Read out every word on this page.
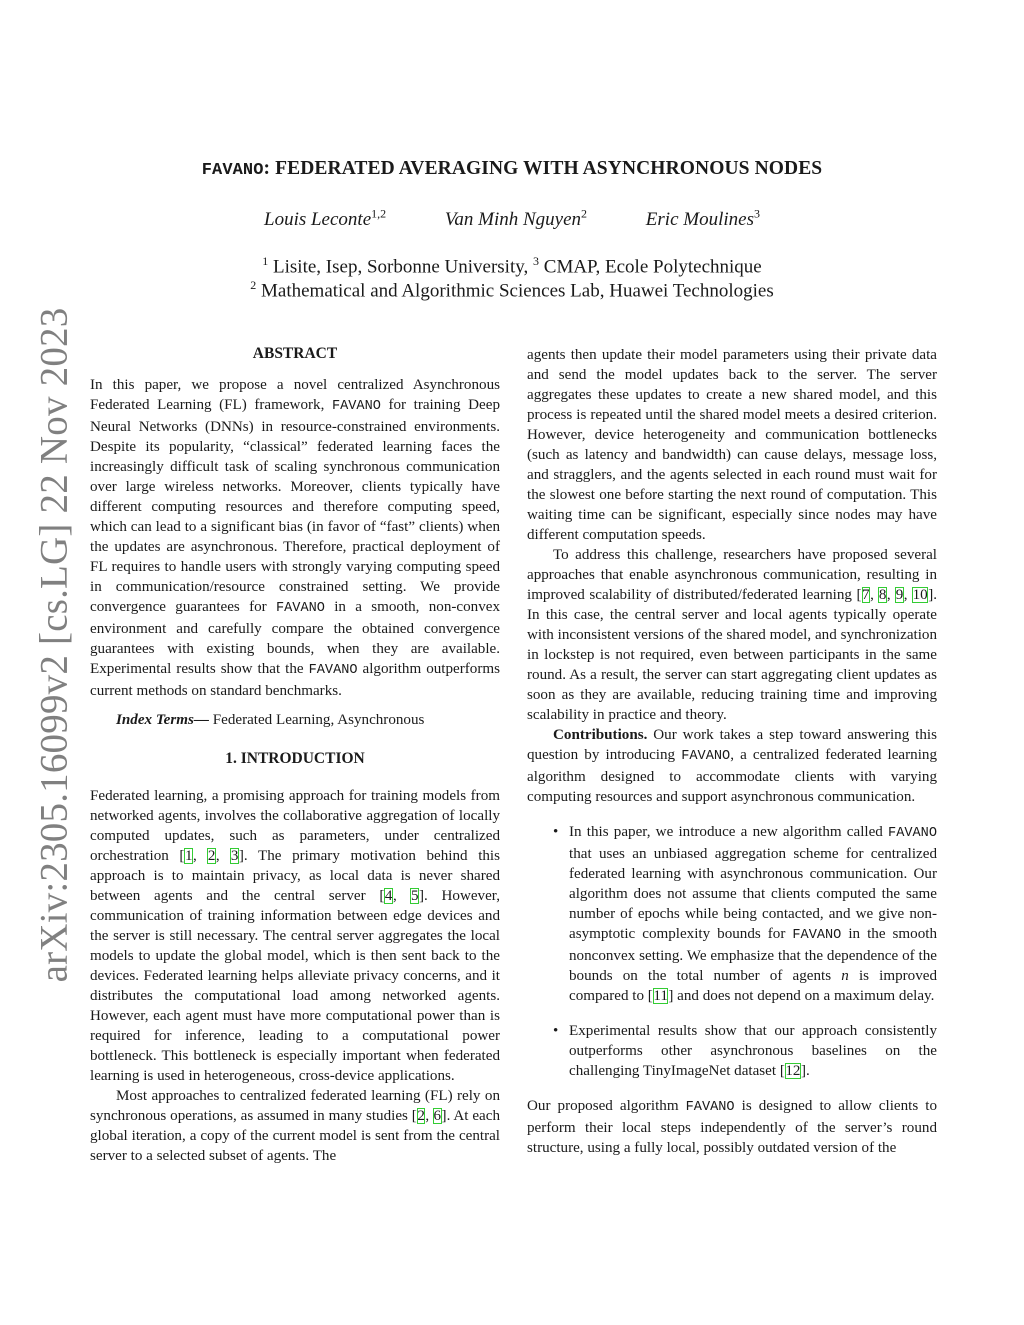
arXiv:2305.16099v2 [cs.LG] 22 Nov 2023
FAVANO: FEDERATED AVERAGING WITH ASYNCHRONOUS NODES
Louis Leconte$^{1,2}$	Van Minh Nguyen$^2$	Eric Moulines$^3$
$^1$ Lisite, Isep, Sorbonne University, $^3$ CMAP, Ecole Polytechnique
$^2$ Mathematical and Algorithmic Sciences Lab, Huawei Technologies

ABSTRACT

In this paper, we propose a novel centralized Asynchronous Federated Learning (FL) framework, FAVANO for training Deep Neural Networks (DNNs) in resource-constrained environments. Despite its popularity, “classical” federated learning faces the increasingly difficult task of scaling synchronous communication over large wireless networks. Moreover, clients typically have different computing resources and therefore computing speed, which can lead to a significant bias (in favor of “fast” clients) when the updates are asynchronous. Therefore, practical deployment of FL requires to handle users with strongly varying computing speed in communication/resource constrained setting. We provide convergence guarantees for FAVANO in a smooth, non-convex environment and carefully compare the obtained convergence guarantees with existing bounds, when they are available. Experimental results show that the FAVANO algorithm outperforms current methods on standard benchmarks.

Index Terms— Federated Learning, Asynchronous

1. INTRODUCTION

Federated learning, a promising approach for training models from networked agents, involves the collaborative aggregation of locally computed updates, such as parameters, under centralized orchestration [1, 2, 3]. The primary motivation behind this approach is to maintain privacy, as local data is never shared between agents and the central server [4, 5]. However, communication of training information between edge devices and the server is still necessary. The central server aggregates the local models to update the global model, which is then sent back to the devices. Federated learning helps alleviate privacy concerns, and it distributes the computational load among networked agents. However, each agent must have more computational power than is required for inference, leading to a computational power bottleneck. This bottleneck is especially important when federated learning is used in heterogeneous, cross-device applications.

Most approaches to centralized federated learning (FL) rely on synchronous operations, as assumed in many studies [2, 6]. At each global iteration, a copy of the current model is sent from the central server to a selected subset of agents. The

agents then update their model parameters using their private data and send the model updates back to the server. The server aggregates these updates to create a new shared model, and this process is repeated until the shared model meets a desired criterion. However, device heterogeneity and communication bottlenecks (such as latency and bandwidth) can cause delays, message loss, and stragglers, and the agents selected in each round must wait for the slowest one before starting the next round of computation. This waiting time can be significant, especially since nodes may have different computation speeds.

To address this challenge, researchers have proposed several approaches that enable asynchronous communication, resulting in improved scalability of distributed/federated learning [7, 8, 9, 10]. In this case, the central server and local agents typically operate with inconsistent versions of the shared model, and synchronization in lockstep is not required, even between participants in the same round. As a result, the server can start aggregating client updates as soon as they are available, reducing training time and improving scalability in practice and theory.

Contributions. Our work takes a step toward answering this question by introducing FAVANO, a centralized federated learning algorithm designed to accommodate clients with varying computing resources and support asynchronous communication.

• In this paper, we introduce a new algorithm called FAVANO that uses an unbiased aggregation scheme for centralized federated learning with asynchronous communication. Our algorithm does not assume that clients computed the same number of epochs while being contacted, and we give non-asymptotic complexity bounds for FAVANO in the smooth nonconvex setting. We emphasize that the dependence of the bounds on the total number of agents n is improved compared to [11] and does not depend on a maximum delay.
• Experimental results show that our approach consistently outperforms other asynchronous baselines on the challenging TinyImageNet dataset [12].

Our proposed algorithm FAVANO is designed to allow clients to perform their local steps independently of the server’s round structure, using a fully local, possibly outdated version of the
